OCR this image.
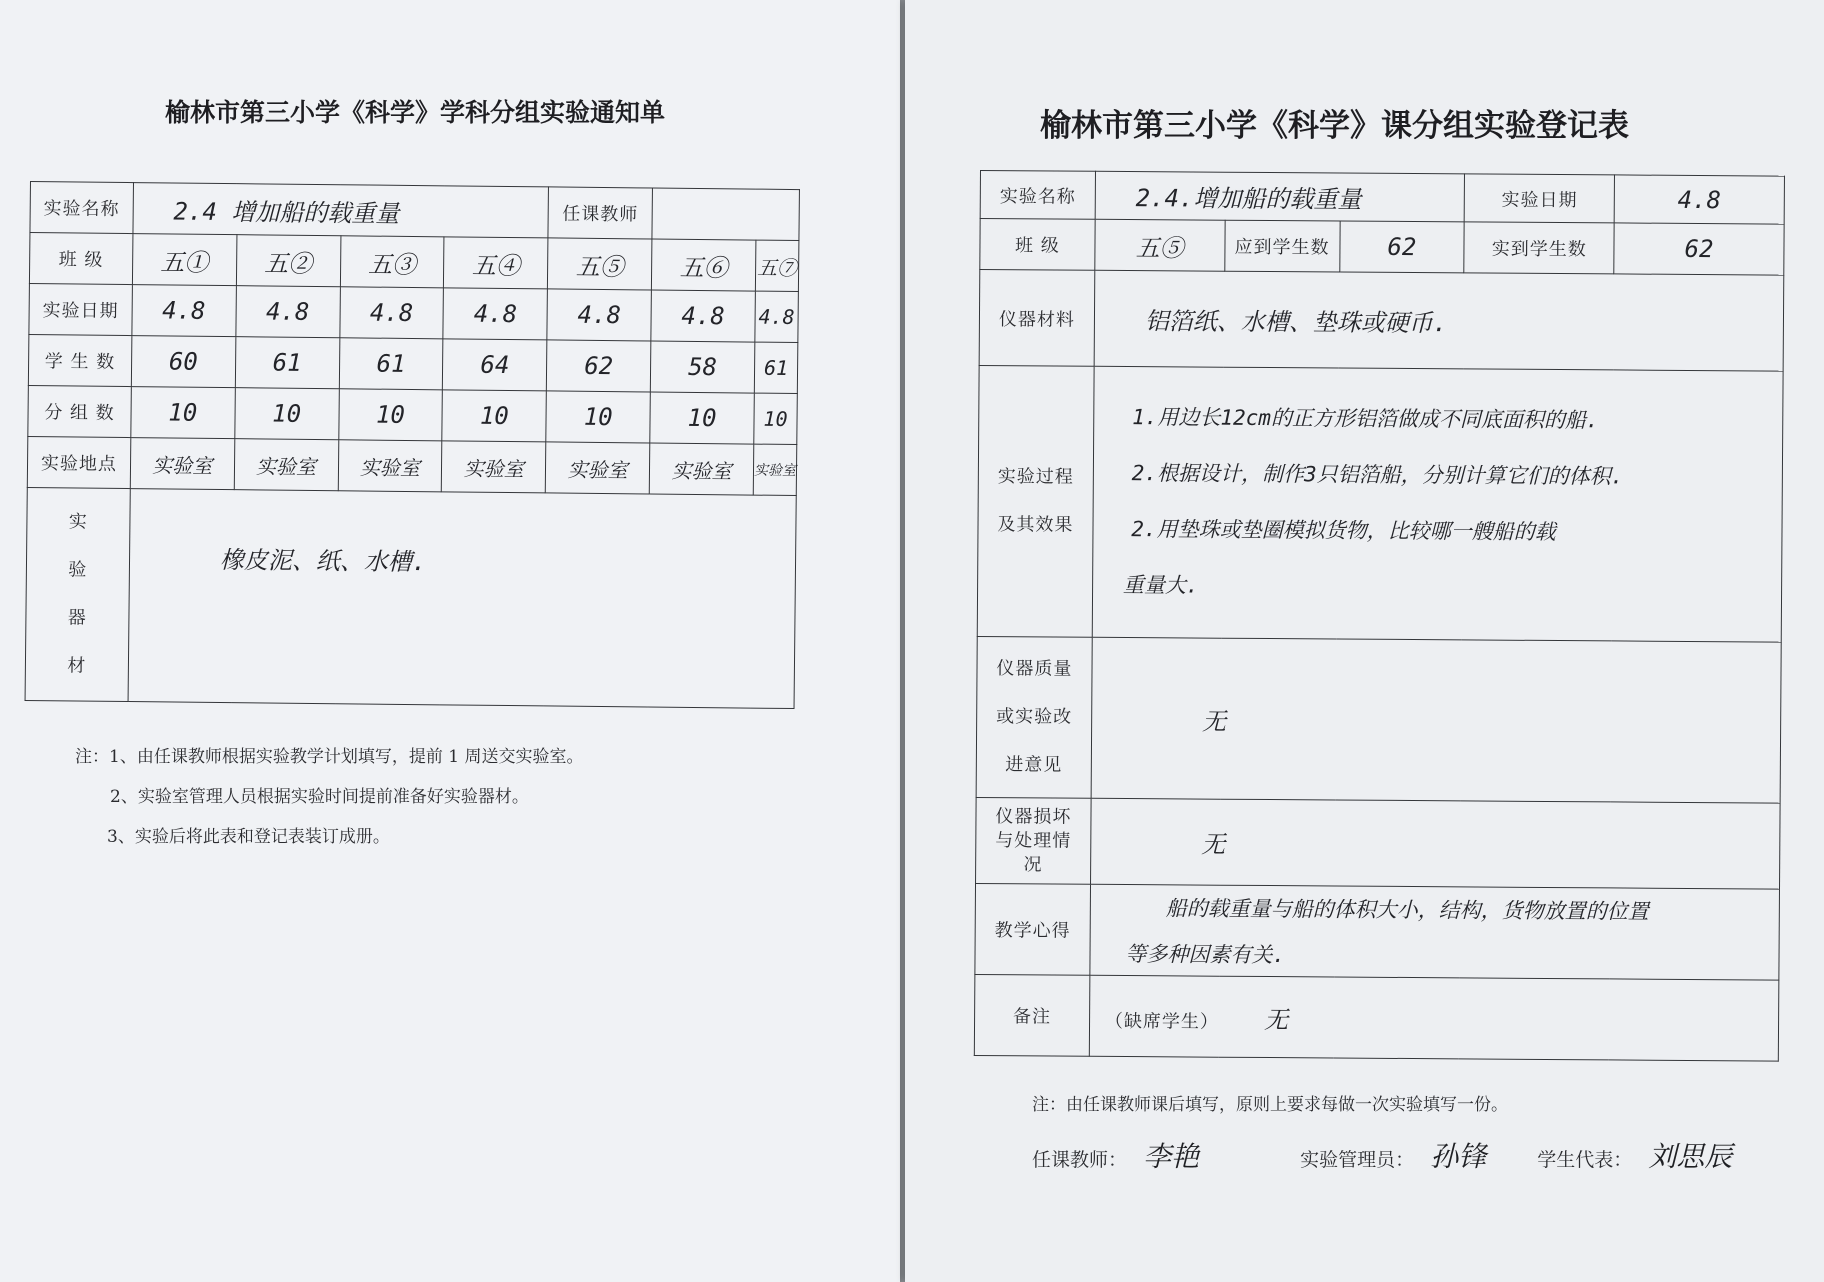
榆林市第三小学《科学》学科分组实验通知单
实验名称	2.4 增加船的载重量				任课教师		
班 级	五①	五②	五③	五④	五⑤	五⑥	五⑦
实验日期	4.8	4.8	4.8	4.8	4.8	4.8	4.8
学 生 数	60	61	61	64	62	58	61
分 组 数	10	10	10	10	10	10	10
实验地点	实验室	实验室	实验室	实验室	实验室	实验室	实验室

实
验
器
材	橡皮泥、纸、水槽.						
注：1、由任课教师根据实验教学计划填写，提前 1 周送交实验室。
2、实验室管理人员根据实验时间提前准备好实验器材。
3、实验后将此表和登记表装订成册。
榆林市第三小学《科学》课分组实验登记表
实验名称	2.4.增加船的载重量			实验日期	4.8
班 级	五⑤	应到学生数	62	实到学生数	62
仪器材料	铝箔纸、水槽、垫珠或硬币.				

实验过程
及其效果	1.用边长12cm的正方形铝箔做成不同底面积的船.
2.根据设计，制作3只铝箔船，分别计算它们的体积.
2.用垫珠或垫圈模拟货物，比较哪一艘船的载
重量大.				

仪器质量
或实验改
进意见	无				

仪器损坏
与处理情
况	无				
教学心得	船的载重量与船的体积大小，结构，货物放置的位置
等多种因素有关.				

备注	（缺席学生） 无				
注：由任课教师课后填写，原则上要求每做一次实验填写一份。
任课教师： 李艳	实验管理员： 孙锋	学生代表： 刘思辰
